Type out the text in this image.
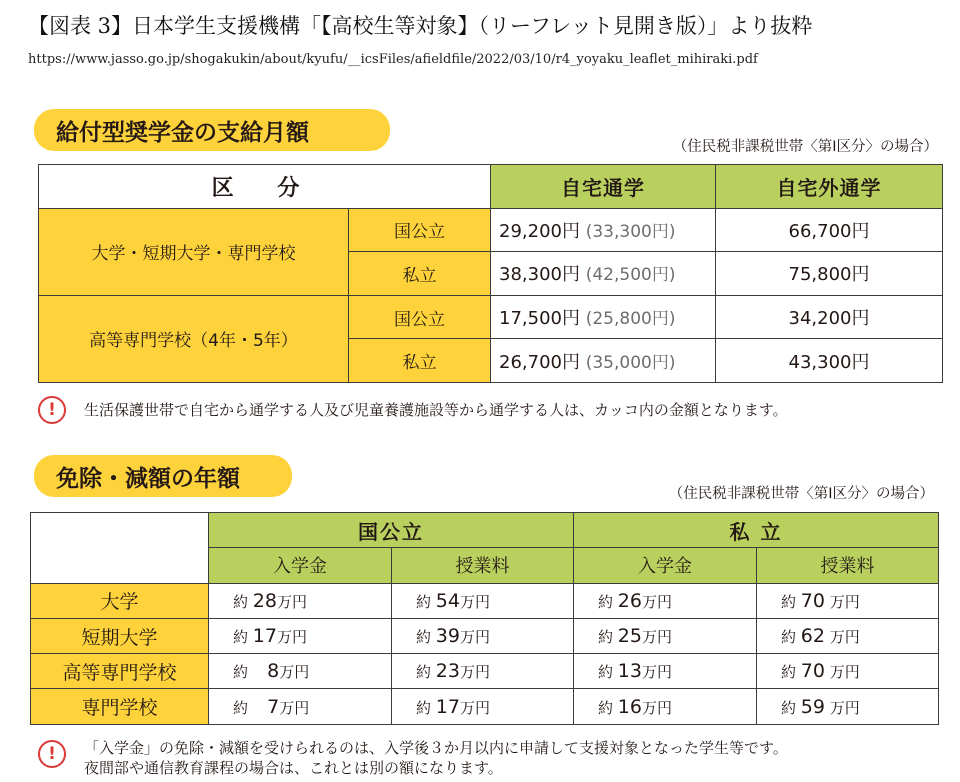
【図表 3】日本学生支援機構「【高校生等対象】（リーフレット見開き版）」より抜粋
https://www.jasso.go.jp/shogakukin/about/kyufu/__icsFiles/afieldfile/2022/03/10/r4_yoyaku_leaflet_mihiraki.pdf
給付型奨学金の支給月額
（住民税非課税世帯〈第Ⅰ区分〉の場合）
区 分		自宅通学	自宅外通学
大学・短期大学・専門学校	国公立	29,200円 (33,300円)	66,700円
	私立	38,300円 (42,500円)	75,800円
高等専門学校（4年・5年）	国公立	17,500円 (25,800円)	34,200円
	私立	26,700円 (35,000円)	43,300円
!	生活保護世帯で自宅から通学する人及び児童養護施設等から通学する人は、カッコ内の金額となります。
免除・減額の年額
（住民税非課税世帯〈第Ⅰ区分〉の場合）
	国公立		私 立	
	入学金	授業料	入学金	授業料
大学	約 28万円	約 54万円	約 26万円	約 70 万円
短期大学	約 17万円	約 39万円	約 25万円	約 62 万円
高等専門学校	約 8万円	約 23万円	約 13万円	約 70 万円
専門学校	約 7万円	約 17万円	約 16万円	約 59 万円
!	「入学金」の免除・減額を受けられるのは、入学後３か月以内に申請して支援対象となった学生等です。
夜間部や通信教育課程の場合は、これとは別の額になります。
